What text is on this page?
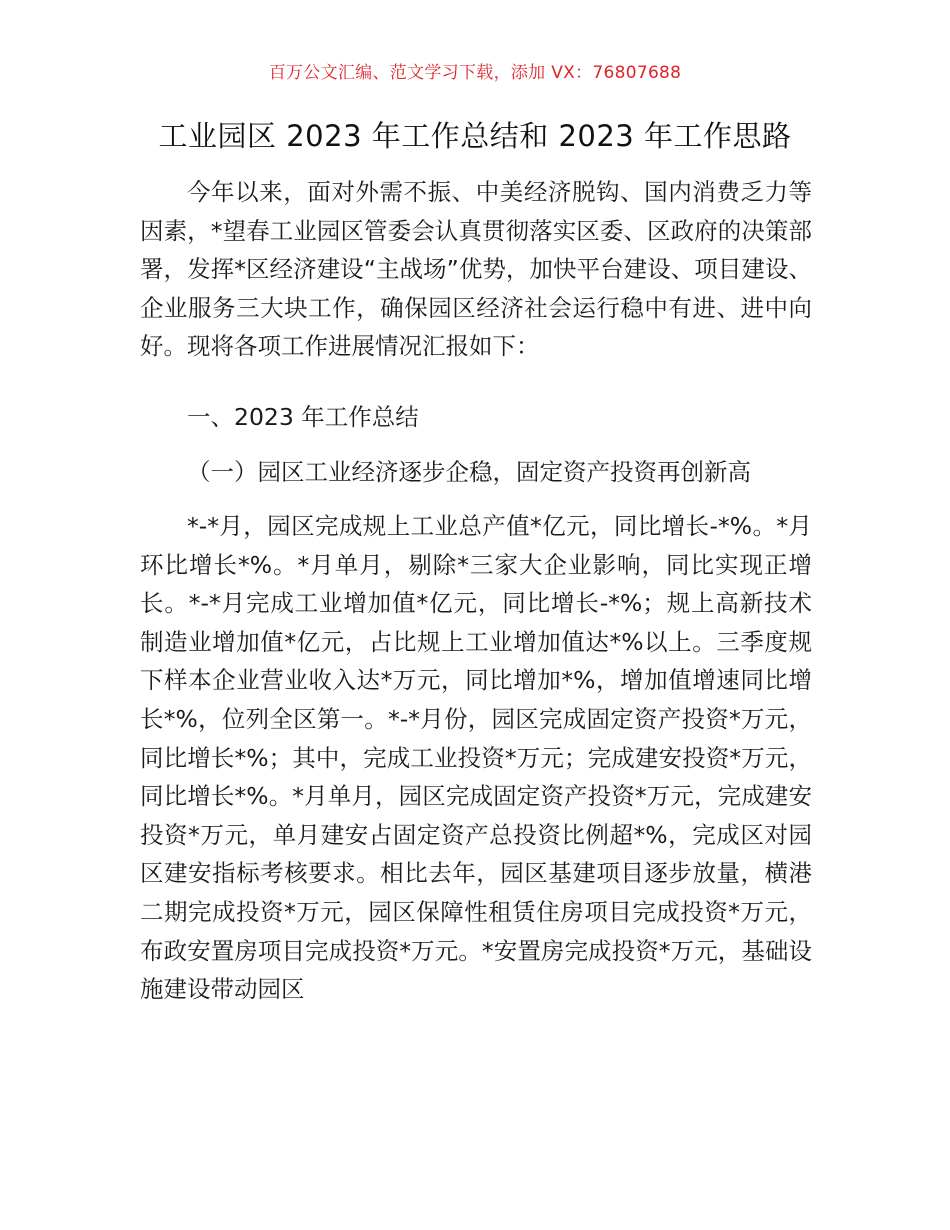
百万公文汇编、范文学习下载，添加 VX：76807688
工业园区 2023 年工作总结和 2023 年工作思路

今年以来，面对外需不振、中美经济脱钩、国内消费乏力等因素，*望春工业园区管委会认真贯彻落实区委、区政府的决策部署，发挥*区经济建设“主战场”优势，加快平台建设、项目建设、企业服务三大块工作，确保园区经济社会运行稳中有进、进中向好。现将各项工作进展情况汇报如下：

一、2023 年工作总结

（一）园区工业经济逐步企稳，固定资产投资再创新高

*-*月，园区完成规上工业总产值*亿元，同比增长-*%。*月环比增长*%。*月单月，剔除*三家大企业影响，同比实现正增长。*-*月完成工业增加值*亿元，同比增长-*%；规上高新技术制造业增加值*亿元，占比规上工业增加值达*%以上。三季度规下样本企业营业收入达*万元，同比增加*%，增加值增速同比增长*%，位列全区第一。*-*月份，园区完成固定资产投资*万元，同比增长*%；其中，完成工业投资*万元；完成建安投资*万元，同比增长*%。*月单月，园区完成固定资产投资*万元，完成建安投资*万元，单月建安占固定资产总投资比例超*%，完成区对园区建安指标考核要求。相比去年，园区基建项目逐步放量，横港二期完成投资*万元，园区保障性租赁住房项目完成投资*万元，布政安置房项目完成投资*万元。*安置房完成投资*万元，基础设施建设带动园区
